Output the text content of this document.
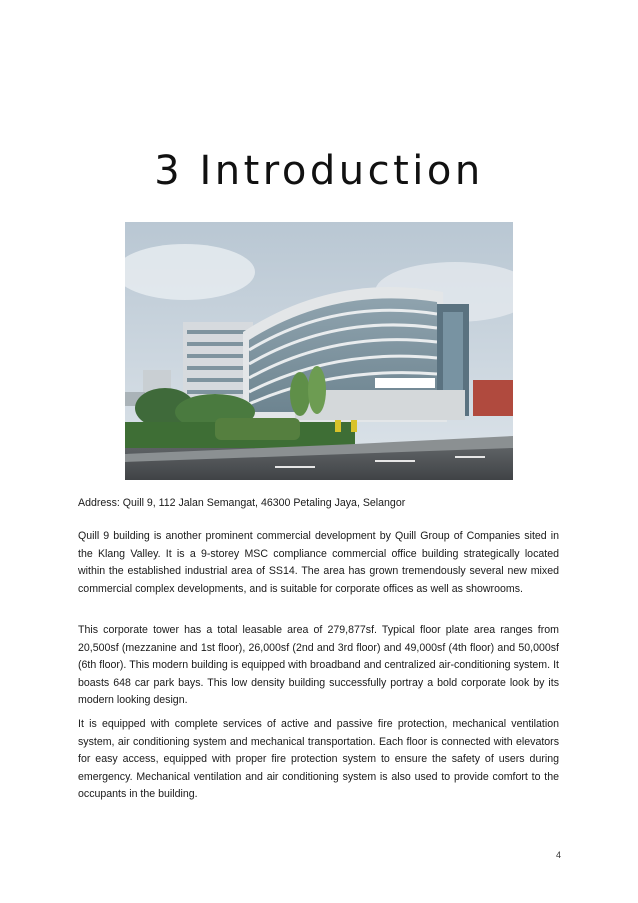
3 Introduction

Address: Quill 9, 112 Jalan Semangat, 46300 Petaling Jaya, Selangor

Quill 9 building is another prominent commercial development by Quill Group of Companies sited in the Klang Valley. It is a 9-storey MSC compliance commercial office building strategically located within the established industrial area of SS14. The area has grown tremendously several new mixed commercial complex developments, and is suitable for corporate offices as well as showrooms.

This corporate tower has a total leasable area of 279,877sf. Typical floor plate area ranges from 20,500sf (mezzanine and 1st floor), 26,000sf (2nd and 3rd floor) and 49,000sf (4th floor) and 50,000sf (6th floor). This modern building is equipped with broadband and centralized air-conditioning system. It boasts 648 car park bays. This low density building successfully portray a bold corporate look by its modern looking design.

It is equipped with complete services of active and passive fire protection, mechanical ventilation system, air conditioning system and mechanical transportation. Each floor is connected with elevators for easy access, equipped with proper fire protection system to ensure the safety of users during emergency. Mechanical ventilation and air conditioning system is also used to provide comfort to the occupants in the building.

4
